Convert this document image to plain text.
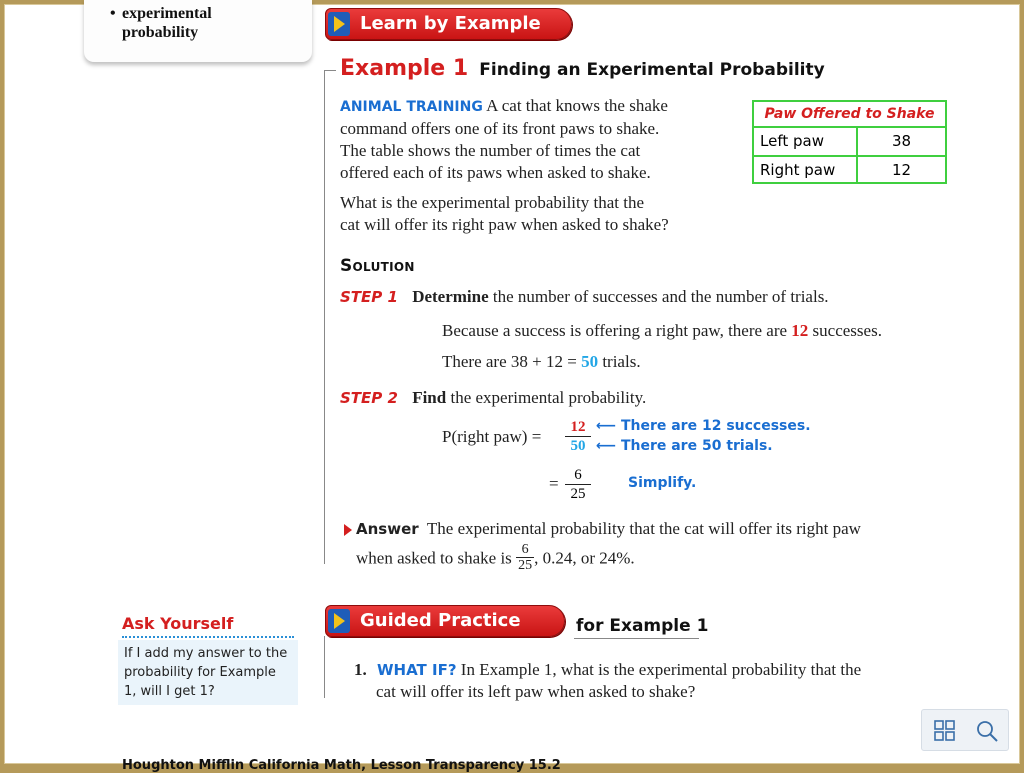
• experimental
probability	Learn by Example
Example 1 Finding an Experimental Probability
ANIMAL TRAINING A cat that knows the shake
command offers one of its front paws to shake.
The table shows the number of times the cat
offered each of its paws when asked to shake.
What is the experimental probability that the
cat will offer its right paw when asked to shake?
Paw Offered to Shake
Left paw	38
Right paw	12
Solution
STEP 1 Determine the number of successes and the number of trials.
Because a success is offering a right paw, there are 12 successes.
There are 38 + 12 = 50 trials.
STEP 2 Find the experimental probability.
P(right $paw) = \frac{12}{50}$ ⟵ There are 12 successes.
⟵ There are 50 trials.
= $\frac{6}{25}$	Simplify.
Answer The experimental probability that the cat will offer its right paw
when asked to shake is $\frac{6}{25}$ , 0.24, or 24%.
Ask Yourself
If I add my answer to the probability for Example 1, will I get 1?
Guided Practice	for Example 1
1. WHAT IF? In Example 1, what is the experimental probability that the
cat will offer its left paw when asked to shake?
Houghton Mifflin California Math, Lesson Transparency 15.2
